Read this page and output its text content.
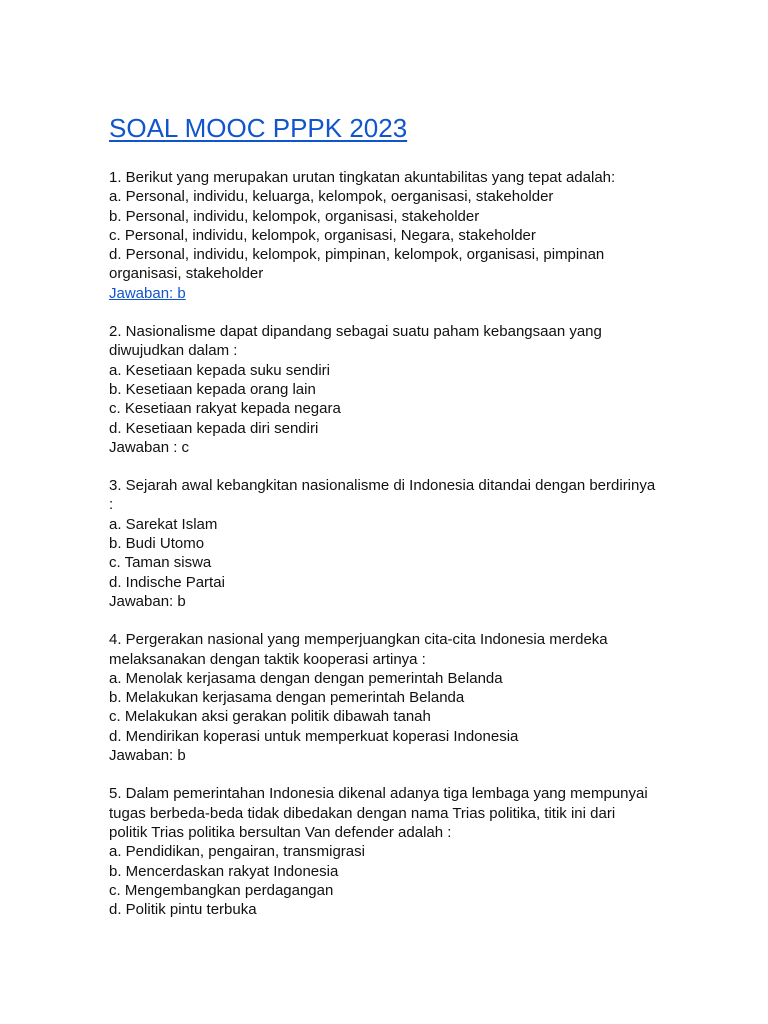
SOAL MOOC PPPK 2023
1. Berikut yang merupakan urutan tingkatan akuntabilitas yang tepat adalah:
a. Personal, individu, keluarga, kelompok, oerganisasi, stakeholder
b. Personal, individu, kelompok, organisasi, stakeholder
c. Personal, individu, kelompok, organisasi, Negara, stakeholder
d. Personal, individu, kelompok, pimpinan, kelompok, organisasi, pimpinan
organisasi, stakeholder
Jawaban: b
2. Nasionalisme dapat dipandang sebagai suatu paham kebangsaan yang
diwujudkan dalam :
a. Kesetiaan kepada suku sendiri
b. Kesetiaan kepada orang lain
c. Kesetiaan rakyat kepada negara
d. Kesetiaan kepada diri sendiri
Jawaban : c
3. Sejarah awal kebangkitan nasionalisme di Indonesia ditandai dengan berdirinya
:
a. Sarekat Islam
b. Budi Utomo
c. Taman siswa
d. Indische Partai
Jawaban: b
4. Pergerakan nasional yang memperjuangkan cita-cita Indonesia merdeka
melaksanakan dengan taktik kooperasi artinya :
a. Menolak kerjasama dengan dengan pemerintah Belanda
b. Melakukan kerjasama dengan pemerintah Belanda
c. Melakukan aksi gerakan politik dibawah tanah
d. Mendirikan koperasi untuk memperkuat koperasi Indonesia
Jawaban: b
5. Dalam pemerintahan Indonesia dikenal adanya tiga lembaga yang mempunyai
tugas berbeda-beda tidak dibedakan dengan nama Trias politika, titik ini dari
politik Trias politika bersultan Van defender adalah :
a. Pendidikan, pengairan, transmigrasi
b. Mencerdaskan rakyat Indonesia
c. Mengembangkan perdagangan
d. Politik pintu terbuka
